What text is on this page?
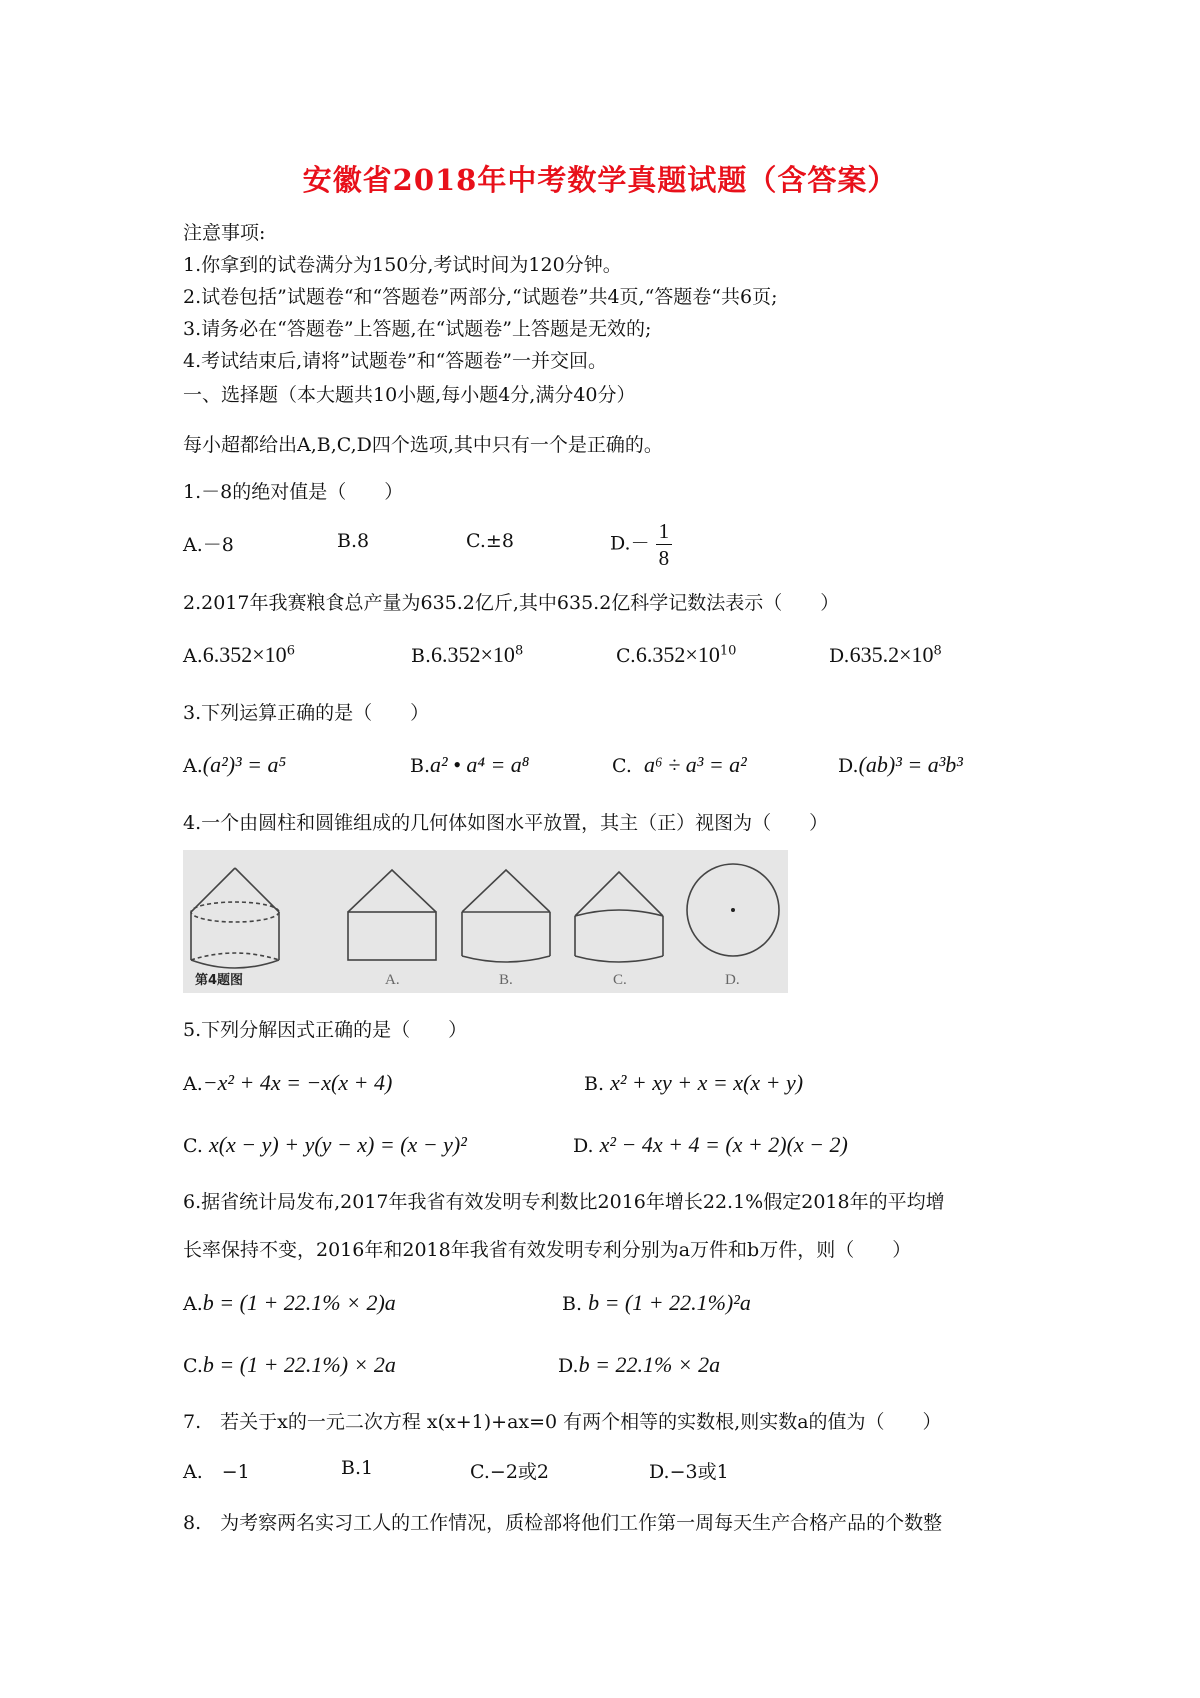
安徽省2018年中考数学真题试题（含答案）
注意事项:
1.你拿到的试卷满分为150分,考试时间为120分钟。
2.试卷包括”试题卷“和“答题卷”两部分,“试题卷”共4页,“答题卷“共6页;
3.请务必在“答题卷”上答题,在“试题卷”上答题是无效的;
4.考试结束后,请将”试题卷”和“答题卷”一并交回。
一、选择题（本大题共10小题,每小题4分,满分40分）
每小超都给出A,B,C,D四个选项,其中只有一个是正确的。
1.－8的绝对值是（　　）
A.－8	B.8	C.±8	$D.- \frac{1}{8}$
2.2017年我赛粮食总产量为635.2亿斤,其中635.2亿科学记数法表示（　　）
$A.6.352\times 10^6$	$B.6.352\times 10^8$	$C.6.352\times 10^{10}$	$D.635.2\times 10^8$
3.下列运算正确的是（　　）
A.(a²)³ = a⁵	B.a² • a⁴ = a⁸	C. a⁶ ÷ a³ = a²	D.(ab)³ = a³b³
4.一个由圆柱和圆锥组成的几何体如图水平放置，其主（正）视图为（　　）
第4题图	A.	B.	C.	D.
5.下列分解因式正确的是（　　）
A.−x² + 4x = −x(x + 4)	B. x² + xy + x = x(x + y)
C. x(x − y) + y(y − x) = (x − y)²	D. x² − 4x + 4 = (x + 2)(x − 2)
6.据省统计局发布,2017年我省有效发明专利数比2016年增长22.1%假定2018年的平均增
长率保持不变，2016年和2018年我省有效发明专利分别为a万件和b万件，则（　　）
A.b = (1 + 22.1% × 2)a	B. b = (1 + 22.1%)²a
C.b = (1 + 22.1%) × 2a	D.b = 22.1% × 2a
7.　若关于x的一元二次方程 x(x+1)+ax=0 有两个相等的实数根,则实数a的值为（　　）
A.　−1	B.1	C.−2或2	D.−3或1
8.　为考察两名实习工人的工作情况，质检部将他们工作第一周每天生产合格产品的个数整
